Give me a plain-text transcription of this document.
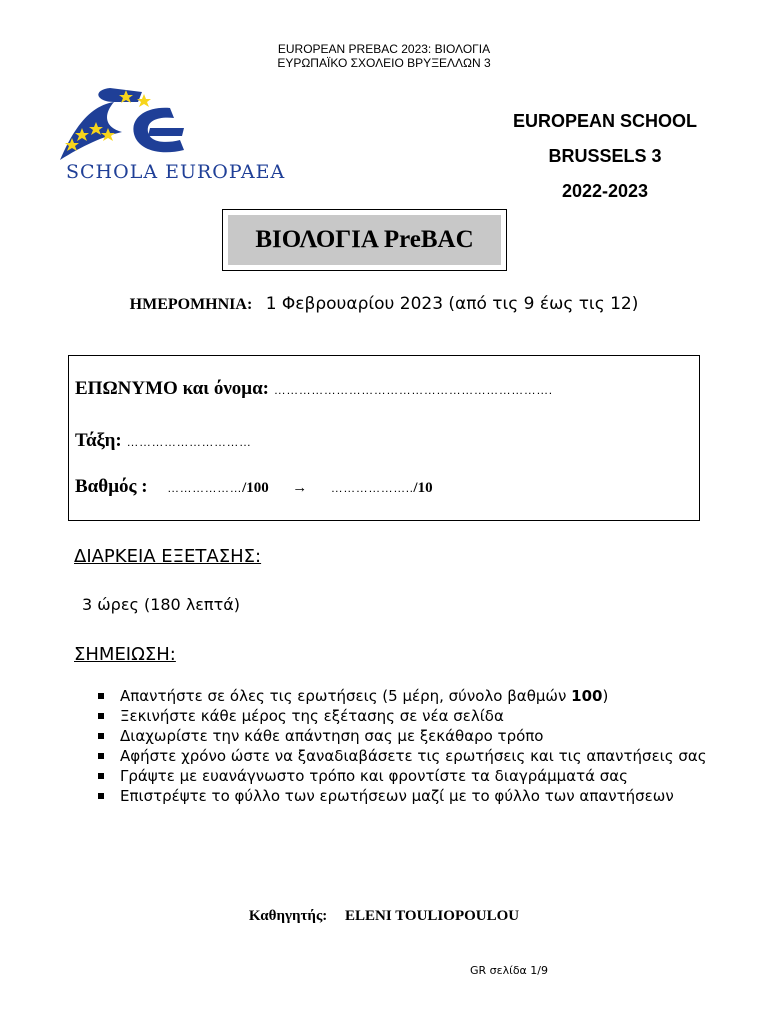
EUROPEAN PREBAC 2023: ΒΙΟΛΟΓΙΑ
ΕΥΡΩΠΑΪΚΟ ΣΧΟΛΕΙΟ ΒΡΥΞΕΛΛΩΝ 3
SCHOLA EUROPAEA
EUROPEAN SCHOOL
BRUSSELS 3
2022-2023
ΒΙΟΛΟΓΙΑ PreBAC
ΗΜΕΡΟΜΗΝΙΑ: 1 Φεβρουαρίου 2023 (από τις 9 έως τις 12)
ΕΠΩΝΥΜΟ και όνομα: ………………………………………………………….
Τάξη: …………………………
Βαθμός : ………………/100 → ………………../10
ΔΙΑΡΚΕΙΑ ΕΞΕΤΑΣΗΣ:
3 ώρες (180 λεπτά)
ΣΗΜΕΙΩΣΗ:
Απαντήστε σε όλες τις ερωτήσεις (5 μέρη, σύνολο βαθμών 100)
Ξεκινήστε κάθε μέρος της εξέτασης σε νέα σελίδα
Διαχωρίστε την κάθε απάντηση σας με ξεκάθαρο τρόπο
Αφήστε χρόνο ώστε να ξαναδιαβάσετε τις ερωτήσεις και τις απαντήσεις σας
Γράψτε με ευανάγνωστο τρόπο και φροντίστε τα διαγράμματά σας
Επιστρέψτε το φύλλο των ερωτήσεων μαζί με το φύλλο των απαντήσεων
Καθηγητής: ELENI TOULIOPOULOU
GR σελίδα 1/9
